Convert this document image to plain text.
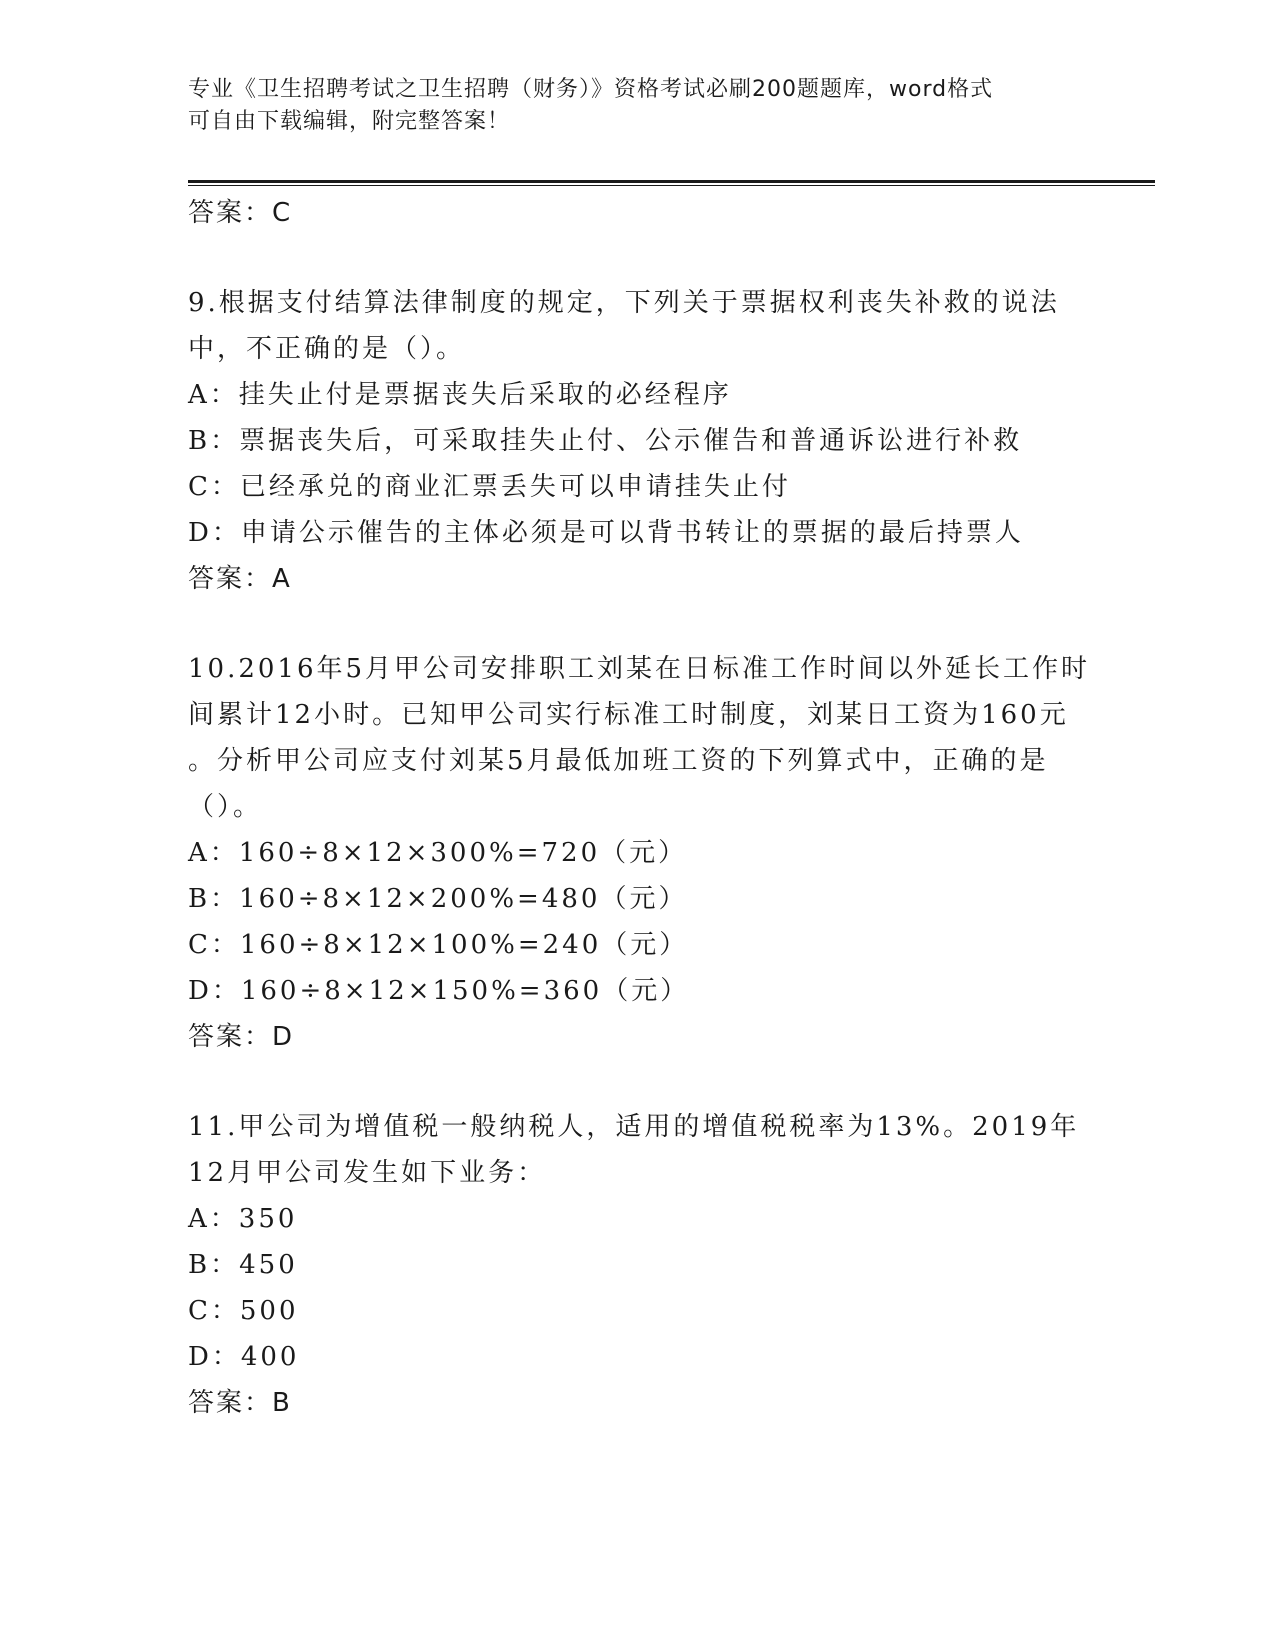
专业《卫生招聘考试之卫生招聘（财务）》资格考试必刷200题题库，word格式
可自由下载编辑，附完整答案！
答案：C
9.根据支付结算法律制度的规定，下列关于票据权利丧失补救的说法
中，不正确的是（）。
A：挂失止付是票据丧失后采取的必经程序
B：票据丧失后，可采取挂失止付、公示催告和普通诉讼进行补救
C：已经承兑的商业汇票丢失可以申请挂失止付
D：申请公示催告的主体必须是可以背书转让的票据的最后持票人
答案：A
10.2016年5月甲公司安排职工刘某在日标准工作时间以外延长工作时
间累计12小时。已知甲公司实行标准工时制度，刘某日工资为160元
。分析甲公司应支付刘某5月最低加班工资的下列算式中，正确的是
（）。
A：160÷8×12×300%=720（元）
B：160÷8×12×200%=480（元）
C：160÷8×12×100%=240（元）
D：160÷8×12×150%=360（元）
答案：D
11.甲公司为增值税一般纳税人，适用的增值税税率为13%。2019年
12月甲公司发生如下业务：
A：350
B：450
C：500
D：400
答案：B
